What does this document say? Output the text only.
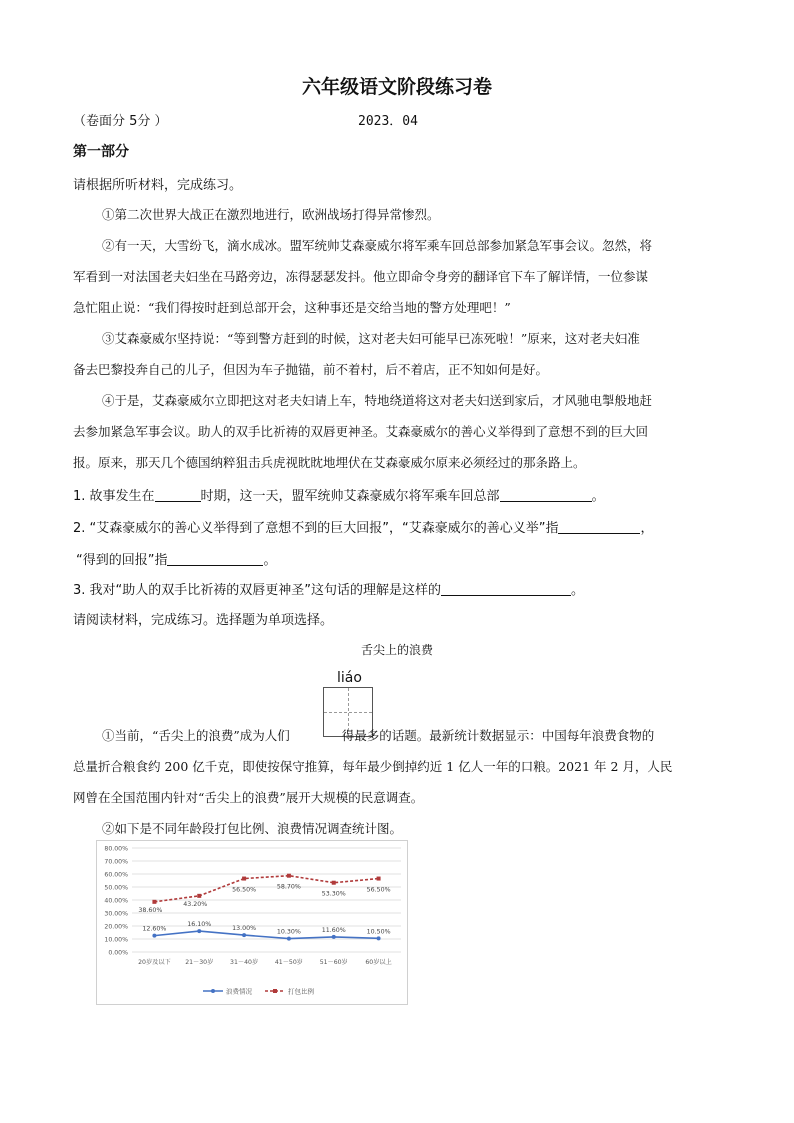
六年级语文阶段练习卷
（卷面分 5分 ）	2023．04
第一部分
请根据所听材料，完成练习。
①第二次世界大战正在激烈地进行，欧洲战场打得异常惨烈。
②有一天，大雪纷飞，滴水成冰。盟军统帅艾森豪威尔将军乘车回总部参加紧急军事会议。忽然，将
军看到一对法国老夫妇坐在马路旁边，冻得瑟瑟发抖。他立即命令身旁的翻译官下车了解详情，一位参谋
急忙阻止说：“我们得按时赶到总部开会，这种事还是交给当地的警方处理吧！”
③艾森豪威尔坚持说：“等到警方赶到的时候，这对老夫妇可能早已冻死啦！”原来，这对老夫妇准
备去巴黎投奔自己的儿子，但因为车子抛锚，前不着村，后不着店，正不知如何是好。
④于是，艾森豪威尔立即把这对老夫妇请上车，特地绕道将这对老夫妇送到家后，才风驰电掣般地赶
去参加紧急军事会议。助人的双手比祈祷的双唇更神圣。艾森豪威尔的善心义举得到了意想不到的巨大回
报。原来，那天几个德国纳粹狙击兵虎视眈眈地埋伏在艾森豪威尔原来必须经过的那条路上。
1. 故事发生在	时期，这一天，盟军统帅艾森豪威尔将军乘车回总部	。
2. “艾森豪威尔的善心义举得到了意想不到的巨大回报”，“艾森豪威尔的善心义举”指	，
“得到的回报”指	。
3. 我对“助人的双手比祈祷的双唇更神圣”这句话的理解是这样的	。
请阅读材料，完成练习。选择题为单项选择。
舌尖上的浪费
liáo
①当前，“舌尖上的浪费”成为人们	得最多的话题。最新统计数据显示：中国每年浪费食物的
总量折合粮食约 200 亿千克，即使按保守推算，每年最少倒掉约近 1 亿人一年的口粮。2021 年 2 月，人民
网曾在全国范围内针对“舌尖上的浪费”展开大规模的民意调查。
②如下是不同年龄段打包比例、浪费情况调查统计图。
0.00%
10.00%
20.00%
30.00%
40.00%
50.00%
60.00%
70.00%
80.00%
20岁及以下 21－30岁	31－40岁	41－50岁	51－60岁	60岁以上
12.60%
16.10%
13.00%
10.30%	11.60%	10.50%
38.60%
43.20%
56.50%	58.70%
53.30%
56.50%
浪费情况	打包比例
